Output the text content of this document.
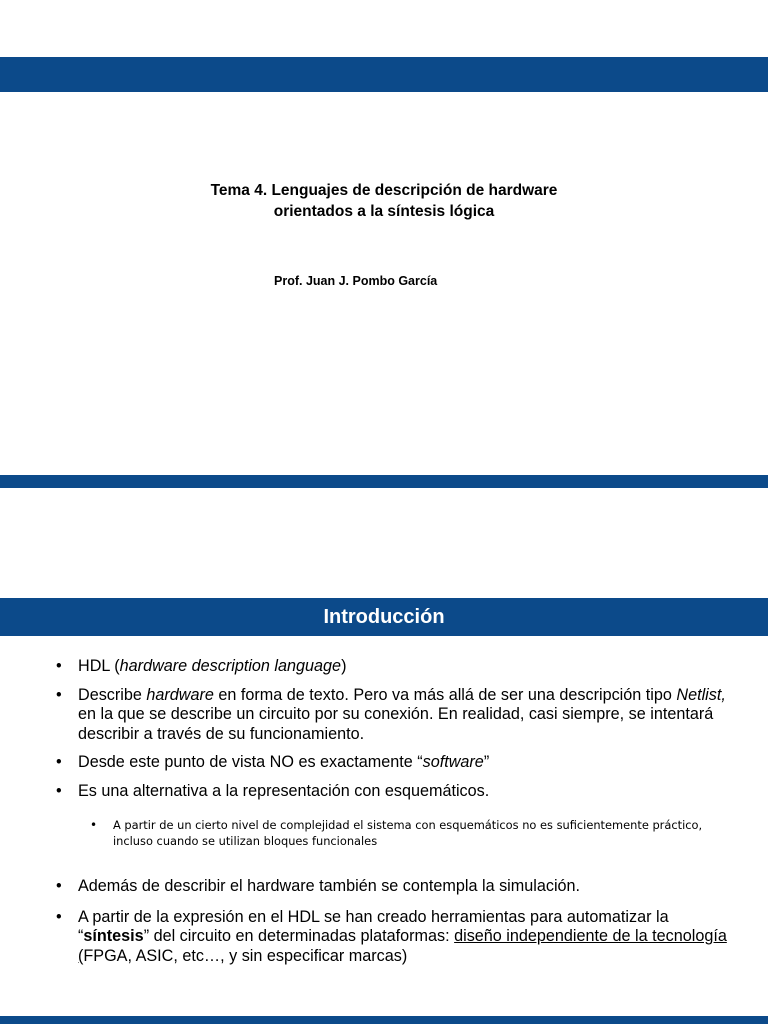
Tema 4. Lenguajes de descripción de hardware
orientados a la síntesis lógica
Prof. Juan J. Pombo García
Introducción
• HDL (hardware description language)
• Describe hardware en forma de texto. Pero va más allá de ser una descripción tipo Netlist, en la que se describe un circuito por su conexión. En realidad, casi siempre, se intentará describir a través de su funcionamiento.
• Desde este punto de vista NO es exactamente “software”
• Es una alternativa a la representación con esquemáticos.
• A partir de un cierto nivel de complejidad el sistema con esquemáticos no es suficientemente práctico, incluso cuando se utilizan bloques funcionales
• Además de describir el hardware también se contempla la simulación.
• A partir de la expresión en el HDL se han creado herramientas para automatizar la “síntesis” del circuito en determinadas plataformas: diseño independiente de la tecnología (FPGA, ASIC, etc…, y sin especificar marcas)
